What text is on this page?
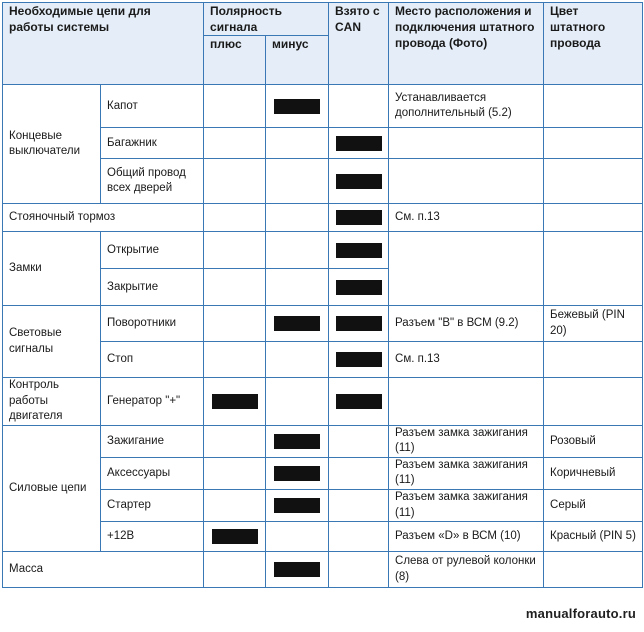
Необходимые цепи для работы системы		Полярность сигнала		Взято с CAN	Место расположения и подключения штатного провода (Фото)	Цвет штатного провода
		плюс	минус			
Концевые выключатели	Капот				Устанавливается дополнительный (5.2)	
	Багажник			

	Общий провод всех дверей			

Стояночный тормоз					См. п.13	
Замки	Открытие			

	Закрытие					

Световые сигналы	Поворотники				Разъем "В" в ВСМ (9.2)	Бежевый (PIN 20)
	Стоп				См. п.13	
Контроль работы двигателя	Генератор "+"	

Силовые цепи	Зажигание				Разъем замка зажигания (11)	Розовый
	Аксессуары				Разъем замка зажигания (11)	Коричневый
	Стартер				Разъем замка зажигания (11)	Серый
	+12В				Разъем «D» в ВСМ (10)	Красный (PIN 5)
Масса					Слева от рулевой колонки (8)	
manualforauto.ru
